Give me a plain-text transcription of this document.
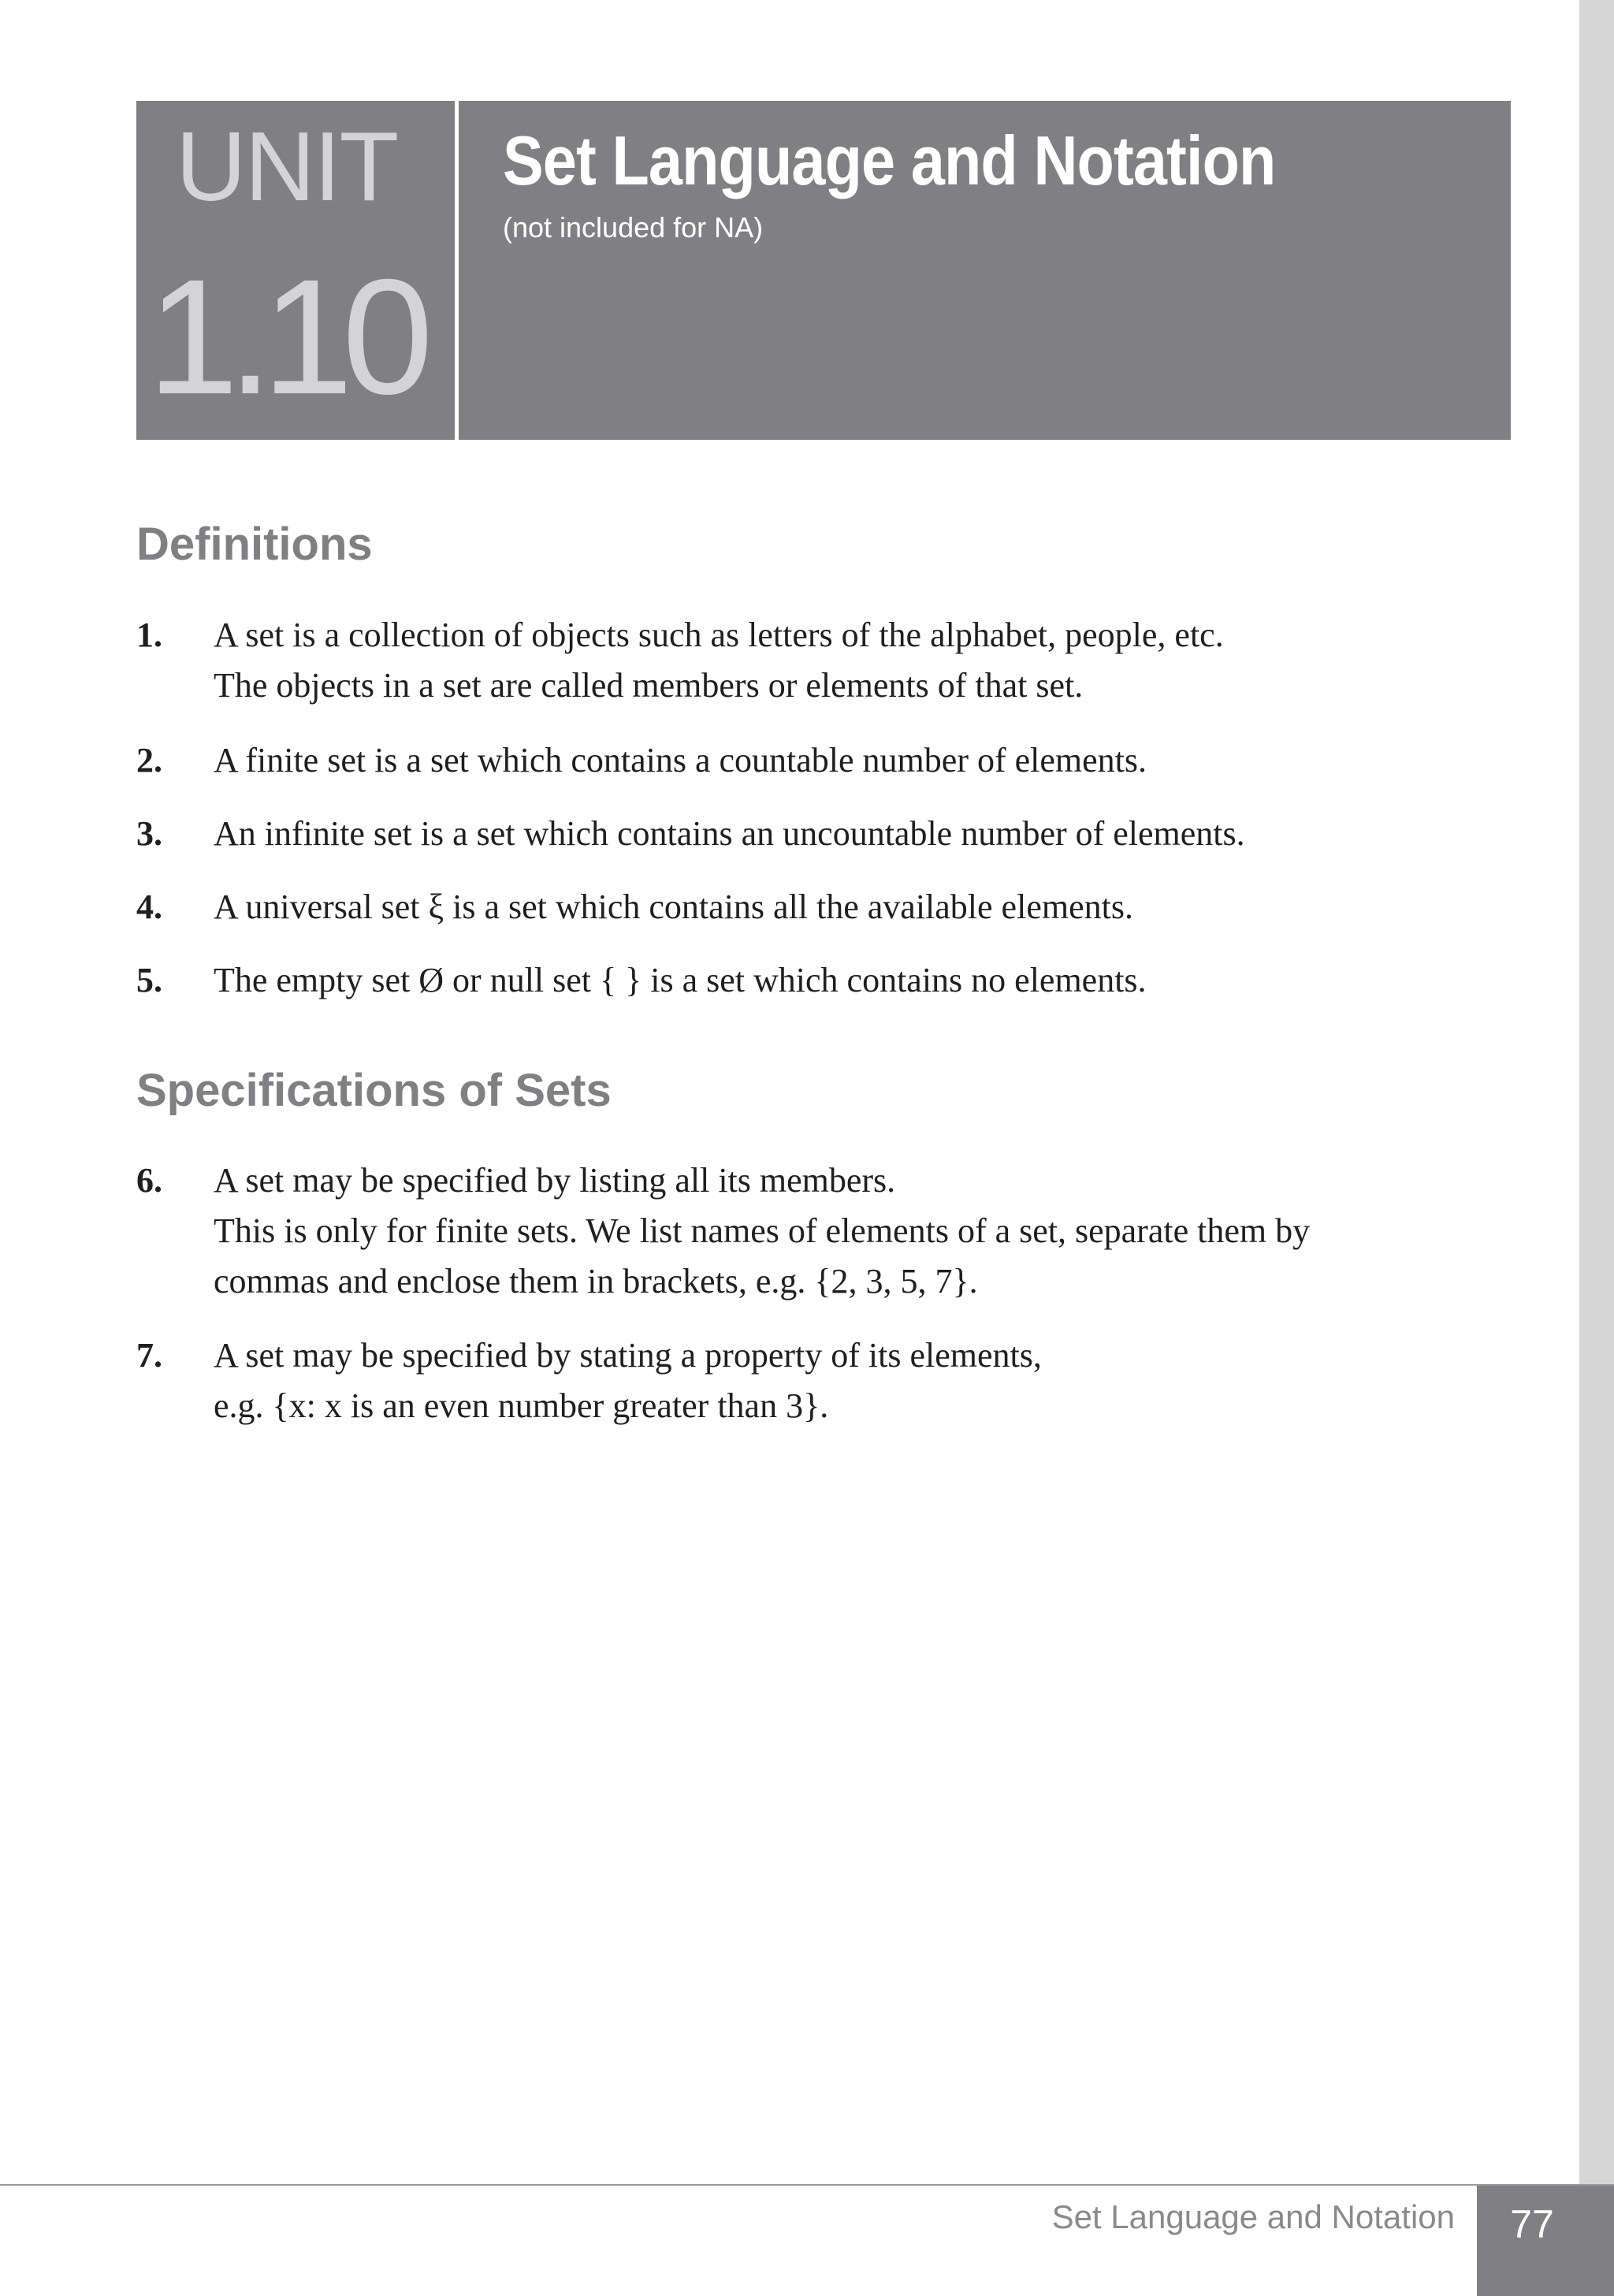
UNIT
1.10
Set Language and Notation
(not included for NA)
Definitions
1. A set is a collection of objects such as letters of the alphabet, people, etc.
The objects in a set are called members or elements of that set.
2. A finite set is a set which contains a countable number of elements.
3. An infinite set is a set which contains an uncountable number of elements.
4. A universal set ξ is a set which contains all the available elements.
5. The empty set Ø or null set { } is a set which contains no elements.
Specifications of Sets
6. A set may be specified by listing all its members.
This is only for finite sets. We list names of elements of a set, separate them by
commas and enclose them in brackets, e.g. {2, 3, 5, 7}.
7. A set may be specified by stating a property of its elements,
e.g. {x: x is an even number greater than 3}.
Set Language and Notation	77
